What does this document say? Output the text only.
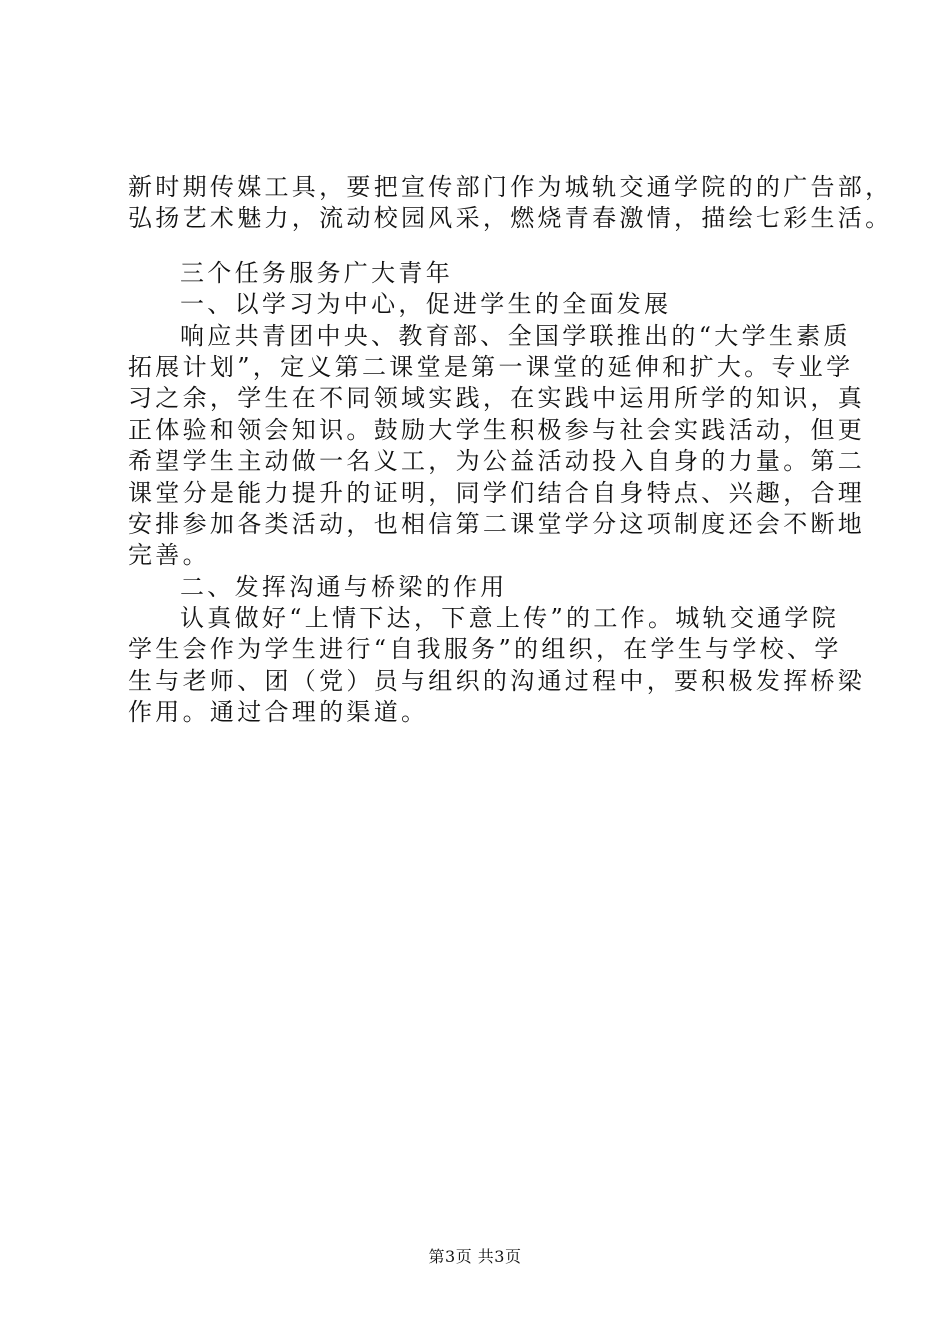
新时期传媒工具，要把宣传部门作为城轨交通学院的的广告部，
弘扬艺术魅力，流动校园风采，燃烧青春激情，描绘七彩生活。
三个任务服务广大青年
一、以学习为中心，促进学生的全面发展
响应共青团中央、教育部、全国学联推出的“大学生素质
拓展计划”，定义第二课堂是第一课堂的延伸和扩大。专业学
习之余，学生在不同领域实践，在实践中运用所学的知识，真
正体验和领会知识。鼓励大学生积极参与社会实践活动，但更
希望学生主动做一名义工，为公益活动投入自身的力量。第二
课堂分是能力提升的证明，同学们结合自身特点、兴趣，合理
安排参加各类活动，也相信第二课堂学分这项制度还会不断地
完善。
二、发挥沟通与桥梁的作用
认真做好“上情下达，下意上传”的工作。城轨交通学院
学生会作为学生进行“自我服务”的组织，在学生与学校、学
生与老师、团（党）员与组织的沟通过程中，要积极发挥桥梁
作用。通过合理的渠道。
第3页 共3页
